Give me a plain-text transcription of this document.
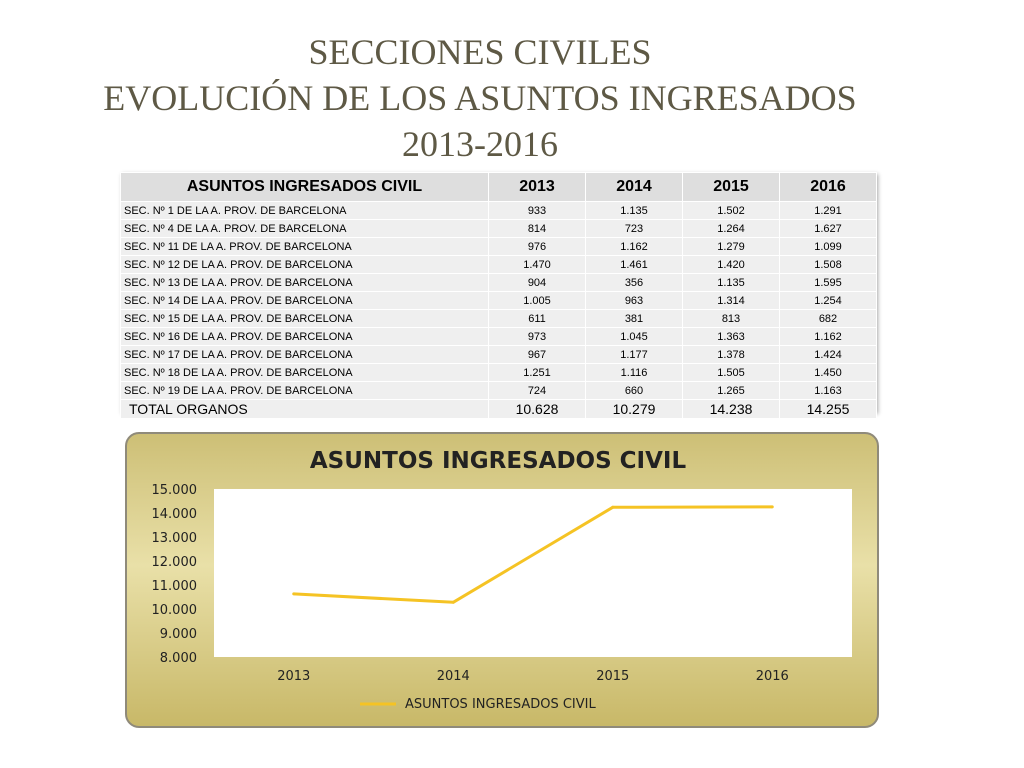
SECCIONES CIVILES
EVOLUCIÓN DE LOS ASUNTOS INGRESADOS
2013-2016
ASUNTOS INGRESADOS CIVIL	2013	2014	2015	2016
SEC. Nº 1 DE LA A. PROV. DE BARCELONA	933	1.135	1.502	1.291
SEC. Nº 4 DE LA A. PROV. DE BARCELONA	814	723	1.264	1.627
SEC. Nº 11 DE LA A. PROV. DE BARCELONA	976	1.162	1.279	1.099
SEC. Nº 12 DE LA A. PROV. DE BARCELONA	1.470	1.461	1.420	1.508
SEC. Nº 13 DE LA A. PROV. DE BARCELONA	904	356	1.135	1.595
SEC. Nº 14 DE LA A. PROV. DE BARCELONA	1.005	963	1.314	1.254
SEC. Nº 15 DE LA A. PROV. DE BARCELONA	611	381	813	682
SEC. Nº 16 DE LA A. PROV. DE BARCELONA	973	1.045	1.363	1.162
SEC. Nº 17 DE LA A. PROV. DE BARCELONA	967	1.177	1.378	1.424
SEC. Nº 18 DE LA A. PROV. DE BARCELONA	1.251	1.116	1.505	1.450
SEC. Nº 19 DE LA A. PROV. DE BARCELONA	724	660	1.265	1.163
TOTAL ORGANOS	10.628	10.279	14.238	14.255
ASUNTOS INGRESADOS CIVIL
8.000
9.000
10.000
11.000
12.000
13.000
14.000
15.000
2013	2014	2015	2016
ASUNTOS INGRESADOS CIVIL
